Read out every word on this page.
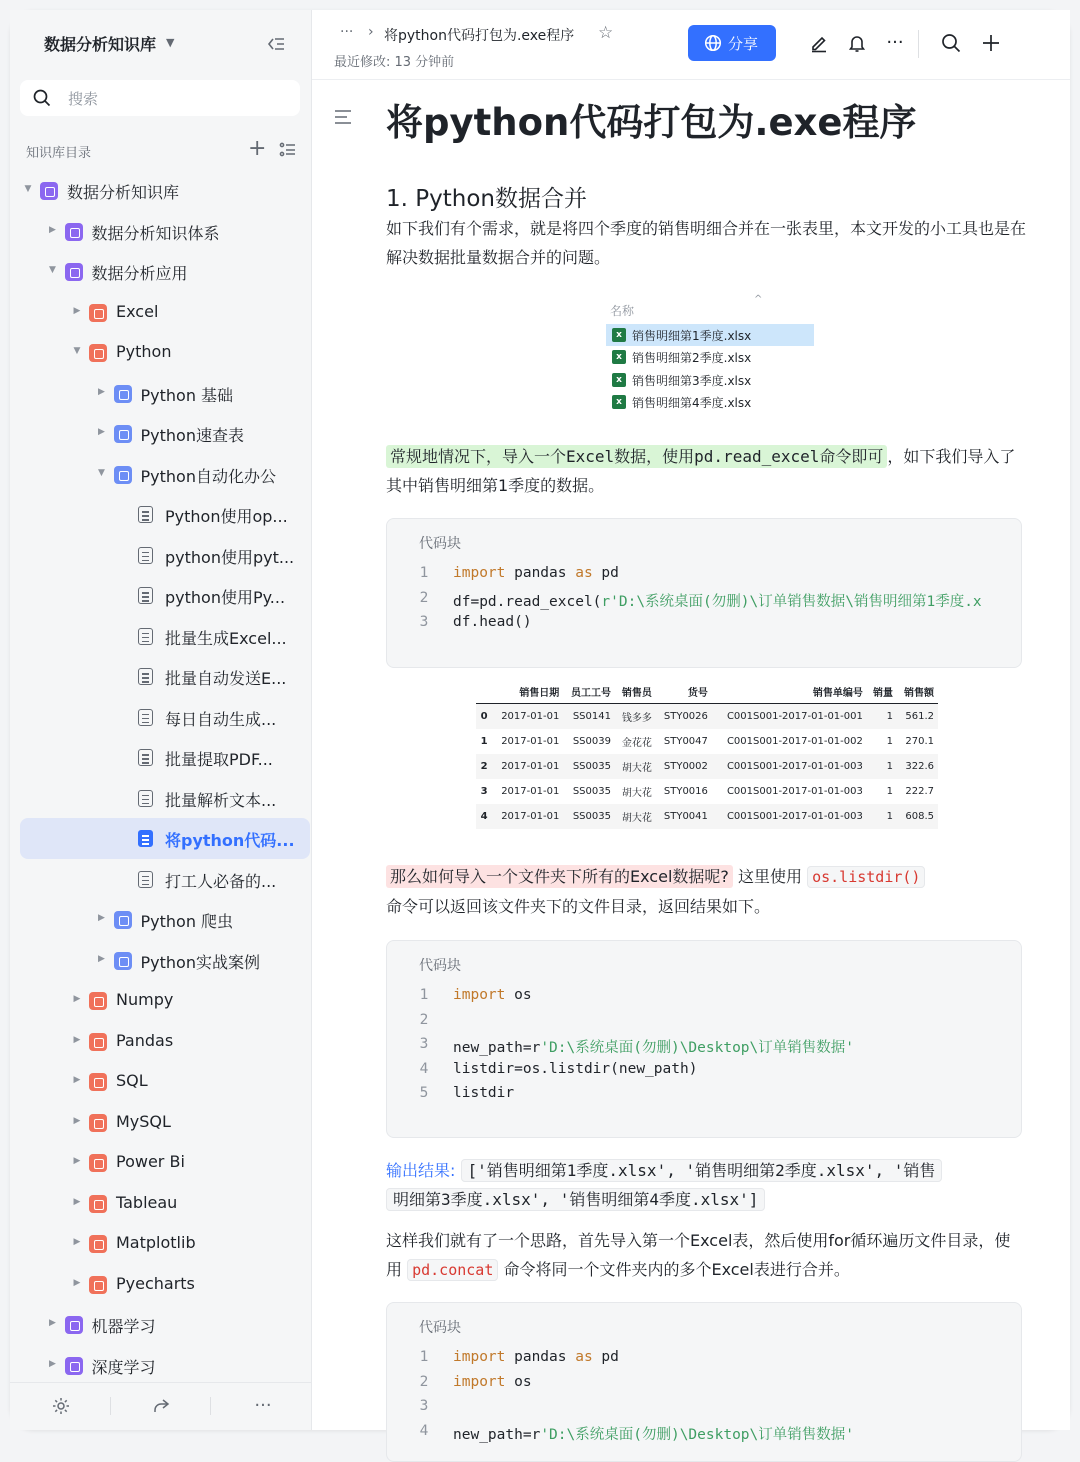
数据分析知识库 ▼
搜索
知识库目录	+
▼ 数据分析知识库
▶ 数据分析知识体系
▼ 数据分析应用
▶ Excel
▼ Python
▶ Python 基础
▶ Python速查表
▼ Python自动化办公
Python使用op...
python使用pyt...
python使用Py...
批量生成Excel...
批量自动发送E...
每日自动生成...
批量提取PDF...
批量解析文本...
将python代码...
打工人必备的...
▶ Python 爬虫
▶ Python实战案例
▶ Numpy
▶ Pandas
▶ SQL
▶ MySQL
▶ Power Bi
▶ Tableau
▶ Matplotlib
▶ Pyecharts
▶ 机器学习
▶ 深度学习
···
··· › 将python代码打包为.exe程序 ☆
最近修改: 13 分钟前
分享	···
将python代码打包为.exe程序
1. Python数据合并
如下我们有个需求，就是将四个季度的销售明细合并在一张表里，本文开发的小工具也是在解决数据批量数据合并的问题。
名称
^
x 销售明细第1季度.xlsx
x 销售明细第2季度.xlsx
x 销售明细第3季度.xlsx
x 销售明细第4季度.xlsx
常规地情况下，导入一个Excel数据，使用pd.read_excel命令即可 ，如下我们导入了其中销售明细第1季度的数据。
代码块
1 import pandas as pd
2 df=pd.read_excel(r'D:\系统桌面(勿删)\订单销售数据\销售明细第1季度.x
3 df.head()
	销售日期	员工工号	销售员	货号	销售单编号	销量	销售额
0	2017-01-01	SS0141	钱多多	STY0026	C001S001-2017-01-01-001	1	561.2
1	2017-01-01	SS0039	金花花	STY0047	C001S001-2017-01-01-002	1	270.1
2	2017-01-01	SS0035	胡大花	STY0002	C001S001-2017-01-01-003	1	322.6
3	2017-01-01	SS0035	胡大花	STY0016	C001S001-2017-01-01-003	1	222.7
4	2017-01-01	SS0035	胡大花	STY0041	C001S001-2017-01-01-003	1	608.5
那么如何导入一个文件夹下所有的Excel数据呢? 这里使用 os.listdir()
命令可以返回该文件夹下的文件目录，返回结果如下。
代码块
1 import os
2
3 new_path=r'D:\系统桌面(勿删)\Desktop\订单销售数据'
4 listdir=os.listdir(new_path)
5 listdir
输出结果: ['销售明细第1季度.xlsx', '销售明细第2季度.xlsx', '销售
明细第3季度.xlsx', '销售明细第4季度.xlsx']
这样我们就有了一个思路，首先导入第一个Excel表，然后使用for循环遍历文件目录，使用 pd.concat 命令将同一个文件夹内的多个Excel表进行合并。
代码块
1 import pandas as pd
2 import os
3
4 new_path=r'D:\系统桌面(勿删)\Desktop\订单销售数据'
